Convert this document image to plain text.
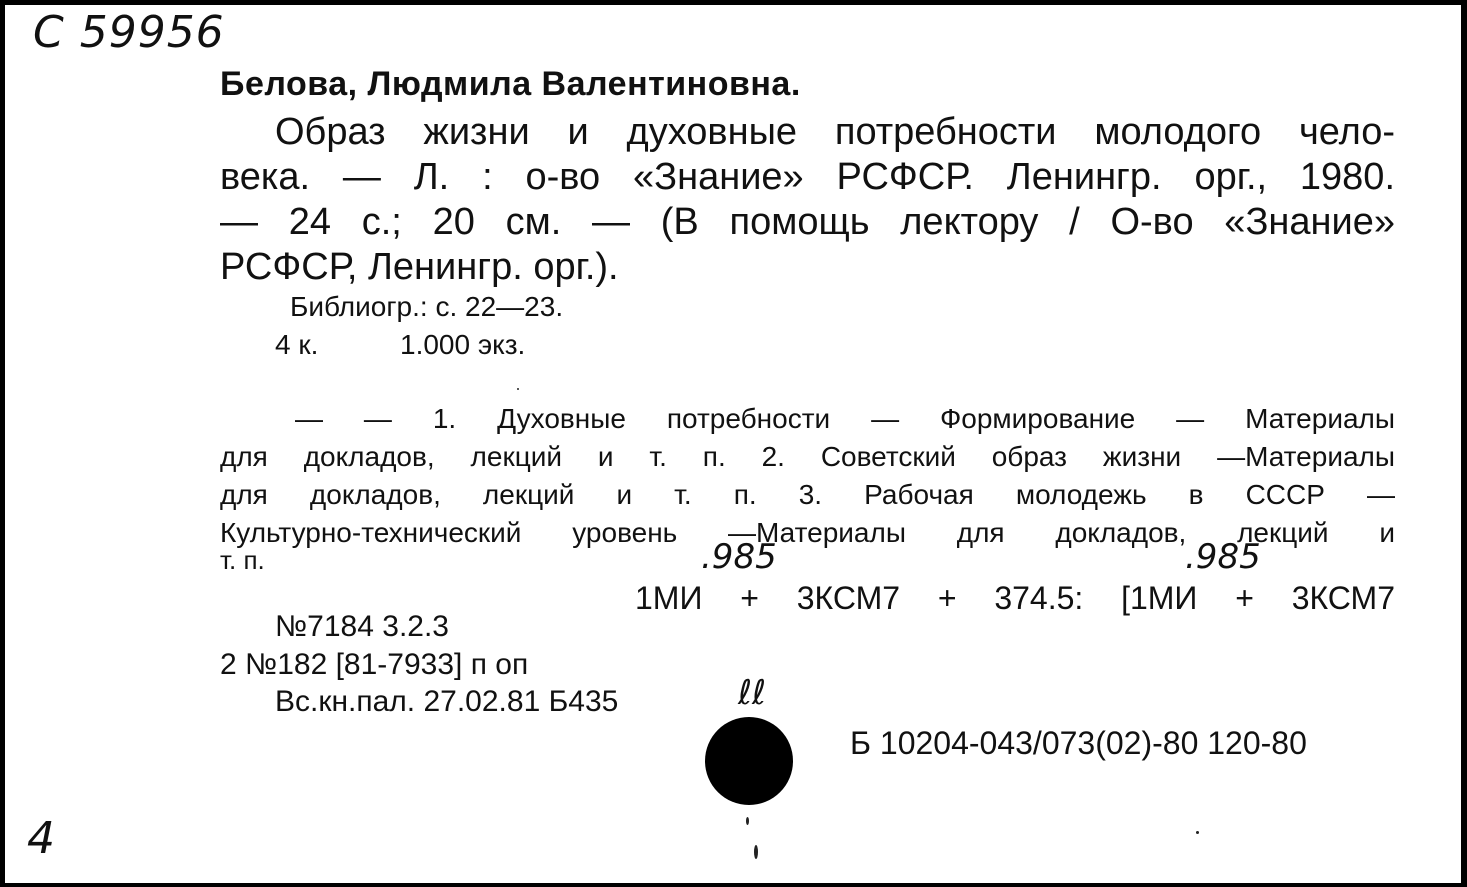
С 59956
Белова, Людмила Валентиновна.
Образ жизни и духовные потребности молодого чело-
века. — Л. : о-во «Знание» РСФСР. Ленингр. орг., 1980.
— 24 с.; 20 см. — (В помощь лектору / О-во «Знание»
РСФСР, Ленингр. орг.).
Библиогр.: с. 22—23.
4 к.	1.000 экз.
— — 1. Духовные потребности — Формирование — Материалы
для докладов, лекций и т. п. 2. Советский образ жизни —Материалы
для докладов, лекций и т. п. 3. Рабочая молодежь в СССР —
Культурно-технический уровень —Материалы для докладов, лекций и
т. п.	.985	.985
1МИ + 3КСМ7 + 374.5: [1МИ + 3КСМ7
№7184 3.2.3
2 №182 [81-7933] п оп
Вс.кн.пал. 27.02.81 Б435	ℓℓ
Б 10204-043/073(02)-80 120-80
4
